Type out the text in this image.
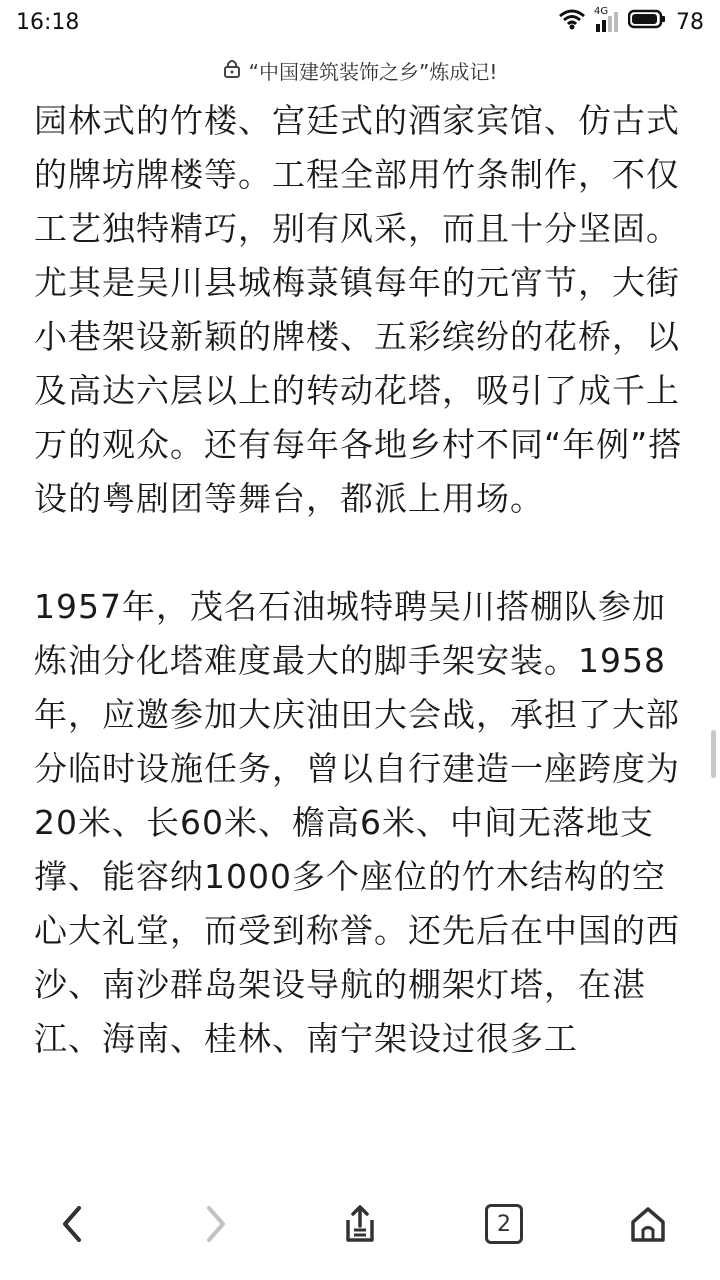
16:18	4G	78
“中国建筑装饰之乡”炼成记!

园林式的竹楼、宫廷式的酒家宾馆、仿古式的牌坊牌楼等。工程全部用竹条制作，不仅工艺独特精巧，别有风采，而且十分坚固。尤其是吴川县城梅菉镇每年的元宵节，大街小巷架设新颖的牌楼、五彩缤纷的花桥，以及高达六层以上的转动花塔，吸引了成千上万的观众。还有每年各地乡村不同“年例”搭设的粤剧团等舞台，都派上用场。

1957年，茂名石油城特聘吴川搭棚队参加炼油分化塔难度最大的脚手架安装。1958年，应邀参加大庆油田大会战，承担了大部分临时设施任务，曾以自行建造一座跨度为20米、长60米、檐高6米、中间无落地支撑、能容纳1000多个座位的竹木结构的空心大礼堂，而受到称誉。还先后在中国的西沙、南沙群岛架设导航的棚架灯塔，在湛江、海南、桂林、南宁架设过很多工

2
